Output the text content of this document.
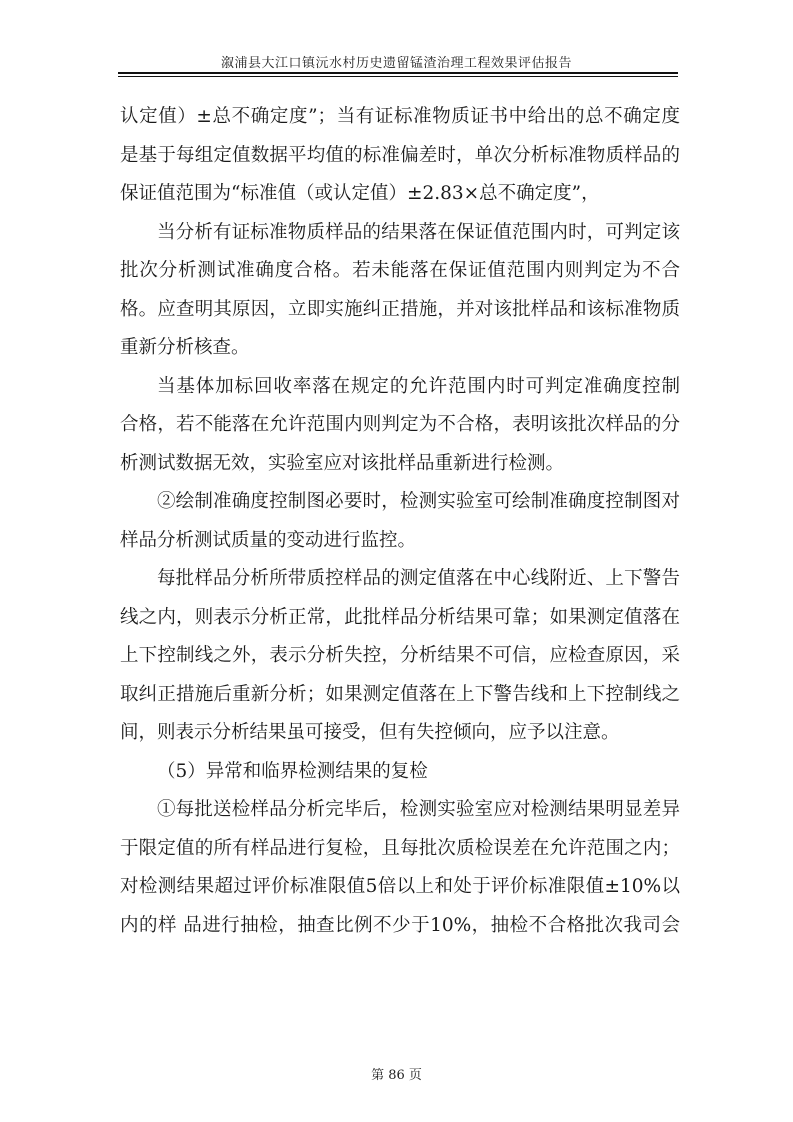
溆浦县大江口镇沅水村历史遗留锰渣治理工程效果评估报告
认定值）±总不确定度”；当有证标准物质证书中给出的总不确定度
是基于每组定值数据平均值的标准偏差时，单次分析标准物质样品的
保证值范围为“标准值（或认定值）±2.83×总不确定度”，
当分析有证标准物质样品的结果落在保证值范围内时，可判定该
批次分析测试准确度合格。若未能落在保证值范围内则判定为不合
格。应查明其原因，立即实施纠正措施，并对该批样品和该标准物质
重新分析核查。
当基体加标回收率落在规定的允许范围内时可判定准确度控制
合格，若不能落在允许范围内则判定为不合格，表明该批次样品的分
析测试数据无效，实验室应对该批样品重新进行检测。
②绘制准确度控制图必要时，检测实验室可绘制准确度控制图对
样品分析测试质量的变动进行监控。
每批样品分析所带质控样品的测定值落在中心线附近、上下警告
线之内，则表示分析正常，此批样品分析结果可靠；如果测定值落在
上下控制线之外，表示分析失控，分析结果不可信，应检查原因，采
取纠正措施后重新分析；如果测定值落在上下警告线和上下控制线之
间，则表示分析结果虽可接受，但有失控倾向，应予以注意。
（5）异常和临界检测结果的复检
①每批送检样品分析完毕后，检测实验室应对检测结果明显差异
于限定值的所有样品进行复检，且每批次质检误差在允许范围之内；
对检测结果超过评价标准限值5倍以上和处于评价标准限值±10%以
内的样 品进行抽检，抽查比例不少于10%，抽检不合格批次我司会
第 86 页
